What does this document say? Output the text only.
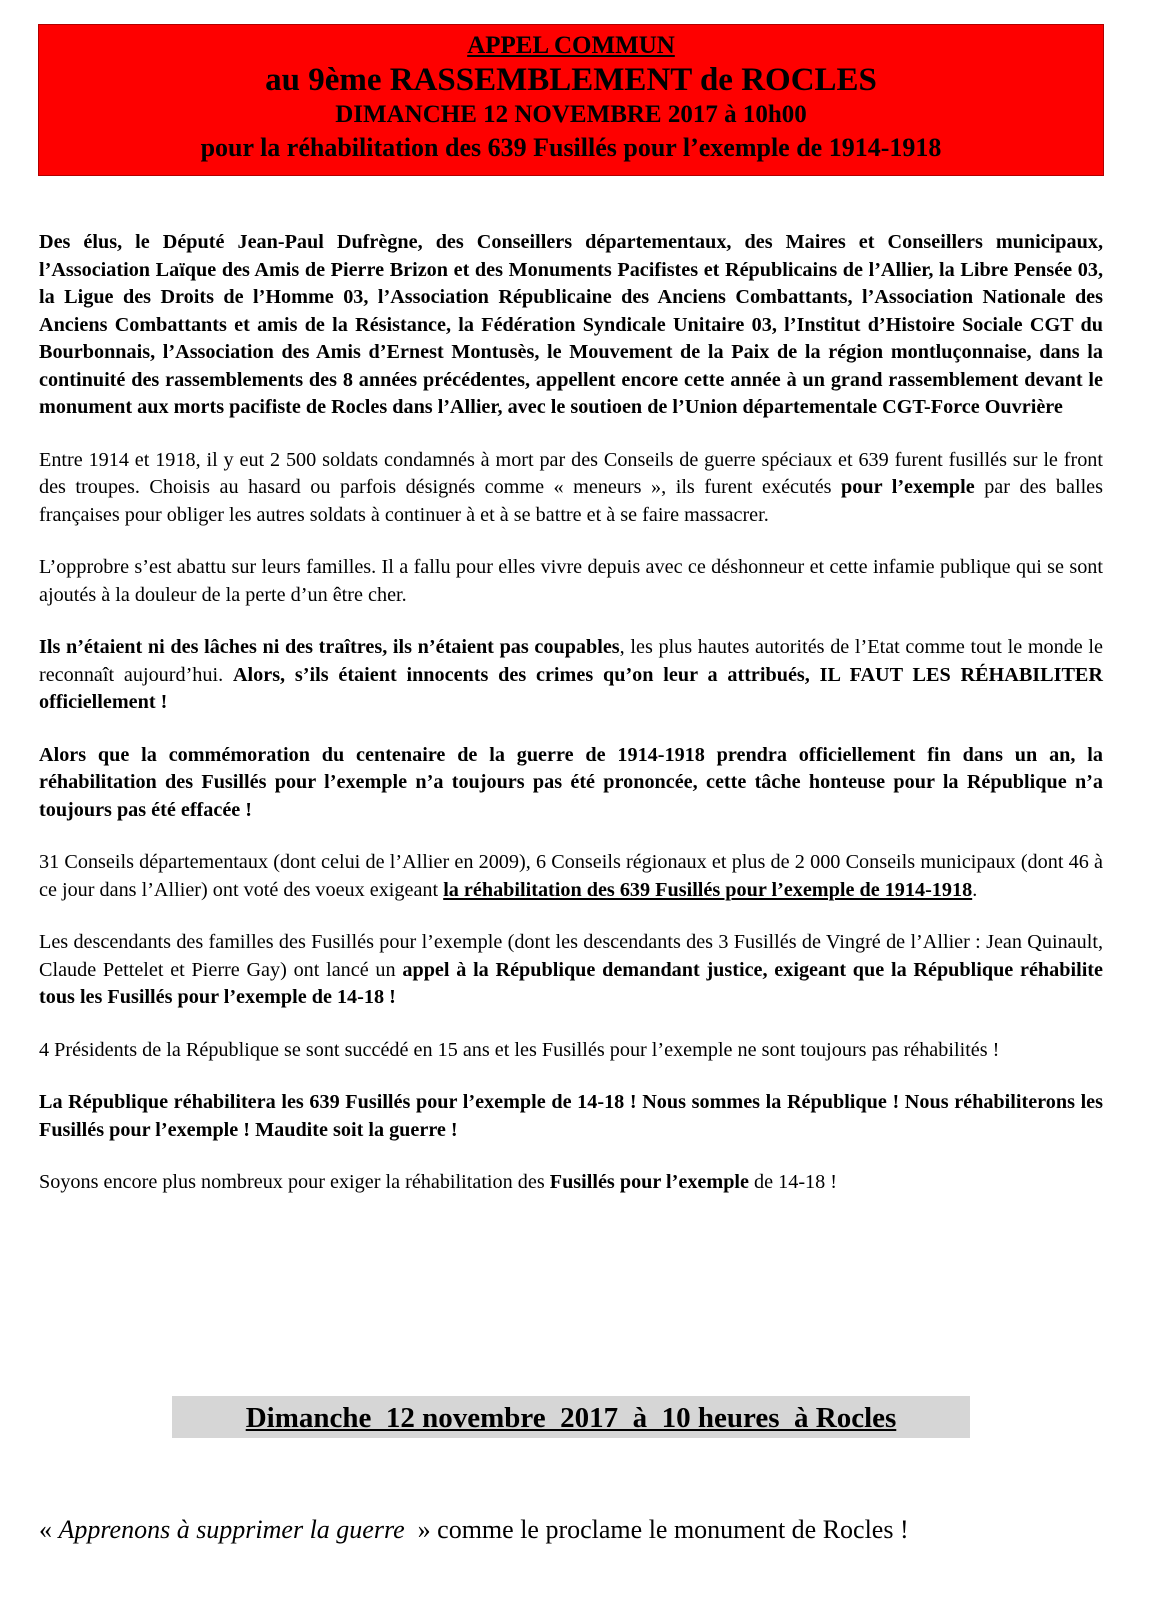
APPEL COMMUN
au 9ème RASSEMBLEMENT de ROCLES
DIMANCHE 12 NOVEMBRE 2017 à 10h00
pour la réhabilitation des 639 Fusillés pour l’exemple de 1914-1918

Des élus, le Député Jean-Paul Dufrègne, des Conseillers départementaux, des Maires et Conseillers municipaux, l’Association Laïque des Amis de Pierre Brizon et des Monuments Pacifistes et Républicains de l’Allier, la Libre Pensée 03, la Ligue des Droits de l’Homme 03, l’Association Républicaine des Anciens Combattants, l’Association Nationale des Anciens Combattants et amis de la Résistance, la Fédération Syndicale Unitaire 03, l’Institut d’Histoire Sociale CGT du Bourbonnais, l’Association des Amis d’Ernest Montusès, le Mouvement de la Paix de la région montluçonnaise, dans la continuité des rassemblements des 8 années précédentes, appellent encore cette année à un grand rassemblement devant le monument aux morts pacifiste de Rocles dans l’Allier, avec le soutioen de l’Union départementale CGT-Force Ouvrière

Entre 1914 et 1918, il y eut 2 500 soldats condamnés à mort par des Conseils de guerre spéciaux et 639 furent fusillés sur le front des troupes. Choisis au hasard ou parfois désignés comme « meneurs », ils furent exécutés pour l’exemple par des balles françaises pour obliger les autres soldats à continuer à et à se battre et à se faire massacrer.

L’opprobre s’est abattu sur leurs familles. Il a fallu pour elles vivre depuis avec ce déshonneur et cette infamie publique qui se sont ajoutés à la douleur de la perte d’un être cher.

Ils n’étaient ni des lâches ni des traîtres, ils n’étaient pas coupables, les plus hautes autorités de l’Etat comme tout le monde le reconnaît aujourd’hui. Alors, s’ils étaient innocents des crimes qu’on leur a attribués, IL FAUT LES RÉHABILITER officiellement !

Alors que la commémoration du centenaire de la guerre de 1914-1918 prendra officiellement fin dans un an, la réhabilitation des Fusillés pour l’exemple n’a toujours pas été prononcée, cette tâche honteuse pour la République n’a toujours pas été effacée !

31 Conseils départementaux (dont celui de l’Allier en 2009), 6 Conseils régionaux et plus de 2 000 Conseils municipaux (dont 46 à ce jour dans l’Allier) ont voté des voeux exigeant la réhabilitation des 639 Fusillés pour l’exemple de 1914-1918.

Les descendants des familles des Fusillés pour l’exemple (dont les descendants des 3 Fusillés de Vingré de l’Allier : Jean Quinault, Claude Pettelet et Pierre Gay) ont lancé un appel à la République demandant justice, exigeant que la République réhabilite tous les Fusillés pour l’exemple de 14-18 !

4 Présidents de la République se sont succédé en 15 ans et les Fusillés pour l’exemple ne sont toujours pas réhabilités !

La République réhabilitera les 639 Fusillés pour l’exemple de 14-18 ! Nous sommes la République ! Nous réhabiliterons les Fusillés pour l’exemple ! Maudite soit la guerre !

Soyons encore plus nombreux pour exiger la réhabilitation des Fusillés pour l’exemple de 14-18 !

Dimanche  12 novembre  2017  à  10 heures  à Rocles
« Apprenons à supprimer la guerre  » comme le proclame le monument de Rocles !
